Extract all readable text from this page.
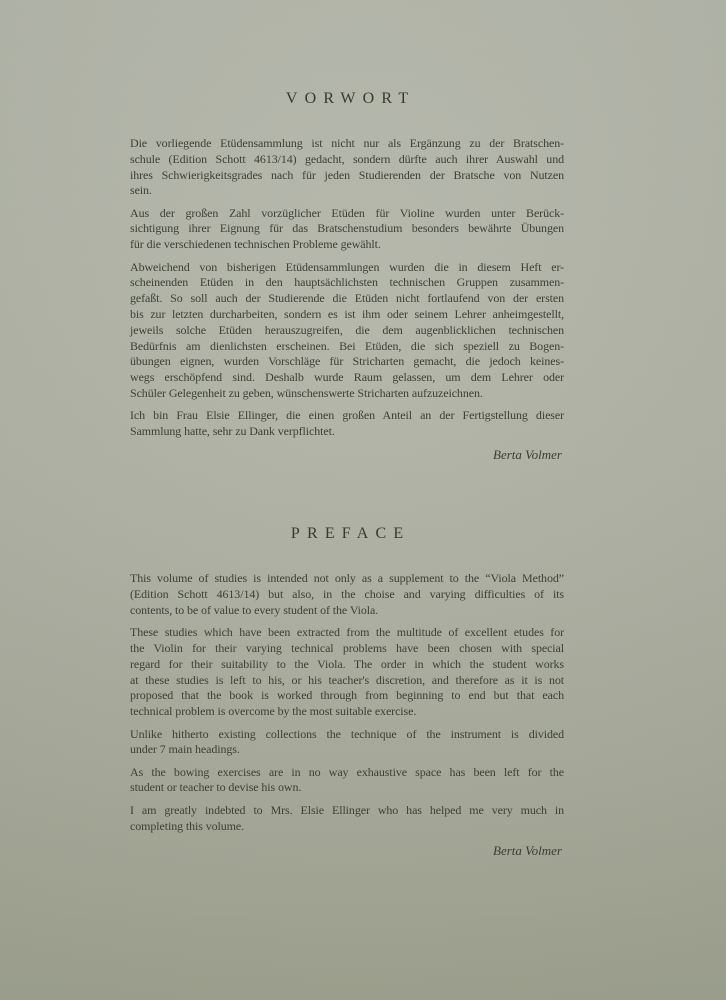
VORWORT
Die vorliegende Etüdensammlung ist nicht nur als Ergänzung zu der Bratschen-
schule (Edition Schott 4613/14) gedacht, sondern dürfte auch ihrer Auswahl und
ihres Schwierigkeitsgrades nach für jeden Studierenden der Bratsche von Nutzen
sein.
Aus der großen Zahl vorzüglicher Etüden für Violine wurden unter Berück-
sichtigung ihrer Eignung für das Bratschenstudium besonders bewährte Übungen
für die verschiedenen technischen Probleme gewählt.
Abweichend von bisherigen Etüdensammlungen wurden die in diesem Heft er-
scheinenden Etüden in den hauptsächlichsten technischen Gruppen zusammen-
gefaßt. So soll auch der Studierende die Etüden nicht fortlaufend von der ersten
bis zur letzten durcharbeiten, sondern es ist ihm oder seinem Lehrer anheimgestellt,
jeweils solche Etüden herauszugreifen, die dem augenblicklichen technischen
Bedürfnis am dienlichsten erscheinen. Bei Etüden, die sich speziell zu Bogen-
übungen eignen, wurden Vorschläge für Stricharten gemacht, die jedoch keines-
wegs erschöpfend sind. Deshalb wurde Raum gelassen, um dem Lehrer oder
Schüler Gelegenheit zu geben, wünschenswerte Stricharten aufzuzeichnen.
Ich bin Frau Elsie Ellinger, die einen großen Anteil an der Fertigstellung dieser
Sammlung hatte, sehr zu Dank verpflichtet.
Berta Volmer
PREFACE
This volume of studies is intended not only as a supplement to the “Viola Method”
(Edition Schott 4613/14) but also, in the choise and varying difficulties of its
contents, to be of value to every student of the Viola.
These studies which have been extracted from the multitude of excellent etudes for
the Violin for their varying technical problems have been chosen with special
regard for their suitability to the Viola. The order in which the student works
at these studies is left to his, or his teacher's discretion, and therefore as it is not
proposed that the book is worked through from beginning to end but that each
technical problem is overcome by the most suitable exercise.
Unlike hitherto existing collections the technique of the instrument is divided
under 7 main headings.
As the bowing exercises are in no way exhaustive space has been left for the
student or teacher to devise his own.
I am greatly indebted to Mrs. Elsie Ellinger who has helped me very much in
completing this volume.
Berta Volmer
